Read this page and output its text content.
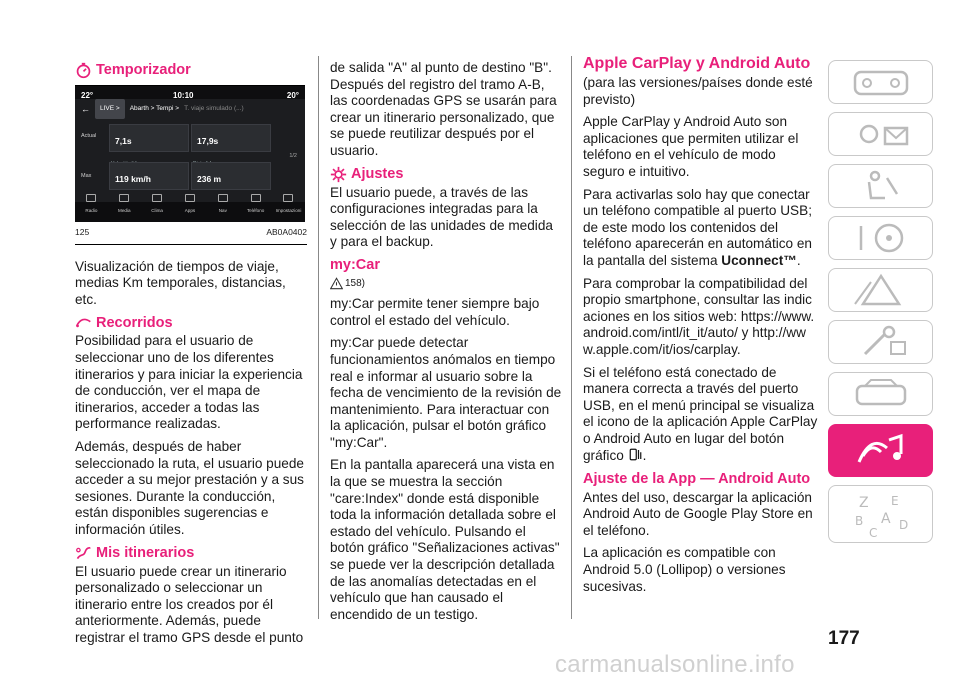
Temporizador
22°	10:10	20°
←	LIVE >	Abarth > Tempi > T. viaje simulado (...)
Actual
Max
7,1s	17,9s
119 km/h	236 m
1/2
Radio	Media	Clima	Apps	Nav	Teléfono	Impostazioni
125	AB0A0402

Visualización de tiempos de viaje, medias Km temporales, distancias, etc.

Recorridos

Posibilidad para el usuario de seleccionar uno de los diferentes itinerarios y para iniciar la experiencia de conducción, ver el mapa de itinerarios, acceder a todas las performance realizadas.

Además, después de haber seleccionado la ruta, el usuario puede acceder a su mejor prestación y a sus sesiones. Durante la conducción, están disponibles sugerencias e información útiles.

Mis itinerarios

El usuario puede crear un itinerario personalizado o seleccionar un itinerario entre los creados por él anteriormente. Además, puede registrar el tramo GPS desde el punto

de salida "A" al punto de destino "B". Después del registro del tramo A-B, las coordenadas GPS se usarán para crear un itinerario personalizado, que se puede reutilizar después por el usuario.

Ajustes

El usuario puede, a través de las configuraciones integradas para la selección de las unidades de medida y para el backup.

my:Car
158)

my:Car permite tener siempre bajo control el estado del vehículo.

my:Car puede detectar funcionamientos anómalos en tiempo real e informar al usuario sobre la fecha de vencimiento de la revisión de mantenimiento. Para interactuar con la aplicación, pulsar el botón gráfico "my:Car".

En la pantalla aparecerá una vista en la que se muestra la sección "care:Index" donde está disponible toda la información detallada sobre el estado del vehículo. Pulsando el botón gráfico "Señalizaciones activas" se puede ver la descripción detallada de las anomalías detectadas en el vehículo que han causado el encendido de un testigo.

Apple CarPlay y Android Auto

(para las versiones/países donde esté previsto)

Apple CarPlay y Android Auto son aplicaciones que permiten utilizar el teléfono en el vehículo de modo seguro e intuitivo.

Para activarlas solo hay que conectar un teléfono compatible al puerto USB; de este modo los contenidos del teléfono aparecerán en automático en la pantalla del sistema Uconnect™.

Para comprobar la compatibilidad del propio smartphone, consultar las indicaciones en los sitios web: https://www.android.com/intl/it_it/auto/ y http://www.apple.com/it/ios/carplay.

Si el teléfono está conectado de manera correcta a través del puerto USB, en el menú principal se visualiza el icono de la aplicación Apple CarPlay o Android Auto en lugar del botón gráfico .

Ajuste de la App — Android Auto

Antes del uso, descargar la aplicación Android Auto de Google Play Store en el teléfono.

La aplicación es compatible con Android 5.0 (Lollipop) o versiones sucesivas.

Z E
B A D
C
177
carmanualsonline.info
